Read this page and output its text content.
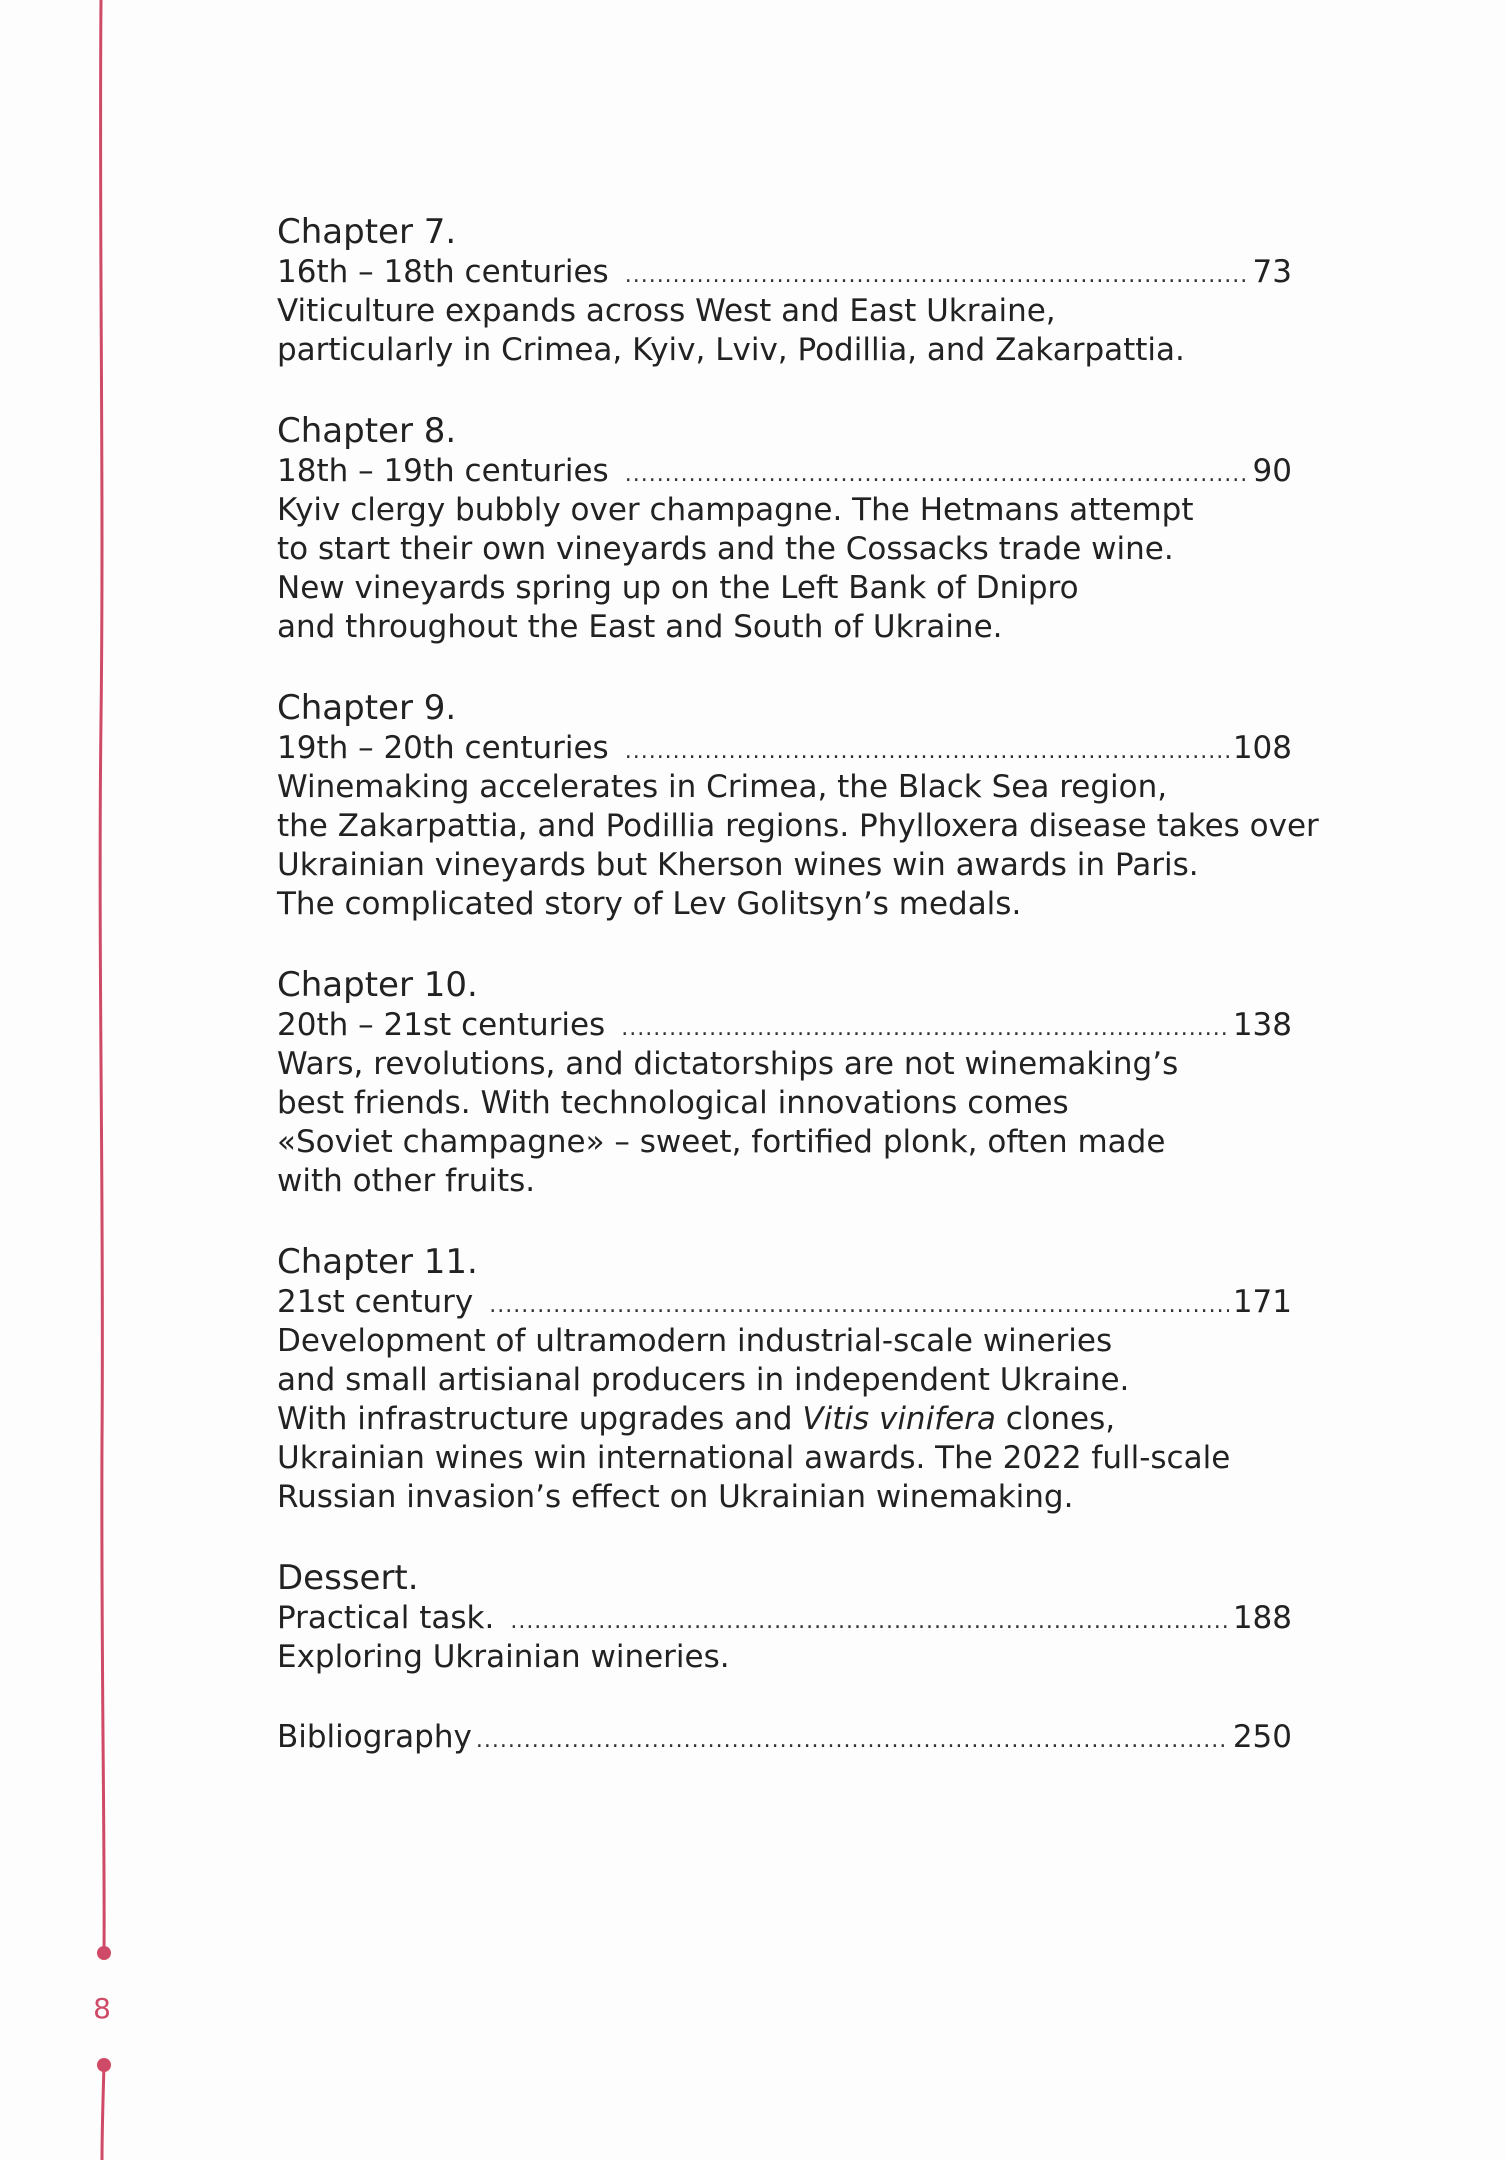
8
Chapter 7.
16th – 18th centuries .....	73
Viticulture expands across West and East Ukraine,
particularly in Crimea, Kyiv, Lviv, Podillia, and Zakarpattia.
Chapter 8.
18th – 19th centuries .....	90
Kyiv clergy bubbly over champagne. The Hetmans attempt
to start their own vineyards and the Cossacks trade wine.
New vineyards spring up on the Left Bank of Dnipro
and throughout the East and South of Ukraine.
Chapter 9.
19th – 20th centuries .....	108
Winemaking accelerates in Crimea, the Black Sea region,
the Zakarpattia, and Podillia regions. Phylloxera disease takes over
Ukrainian vineyards but Kherson wines win awards in Paris.
The complicated story of Lev Golitsyn’s medals.
Chapter 10.
20th – 21st centuries .....	138
Wars, revolutions, and dictatorships are not winemaking’s
best friends. With technological innovations comes
«Soviet champagne» – sweet, fortified plonk, often made
with other fruits.
Chapter 11.
21st century .....	171
Development of ultramodern industrial-scale wineries
and small artisianal producers in independent Ukraine.
With infrastructure upgrades and Vitis vinifera clones,
Ukrainian wines win international awards. The 2022 full-scale
Russian invasion’s effect on Ukrainian winemaking.
Dessert.
Practical task. .....	188
Exploring Ukrainian wineries.
Bibliography .....	250
